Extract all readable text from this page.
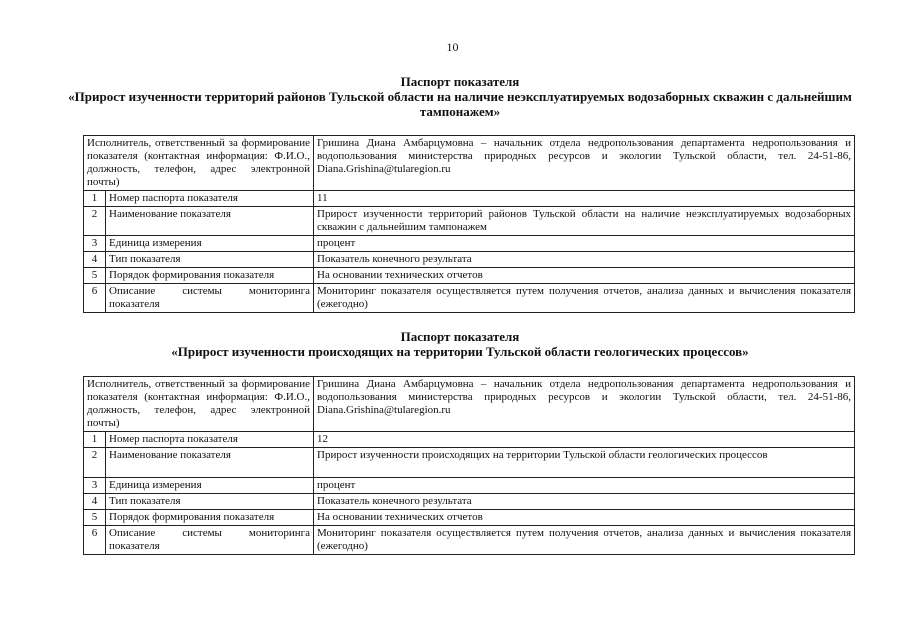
10
Паспорт показателя
«Прирост изученности территорий районов Тульской области на наличие неэксплуатируемых водозаборных скважин с дальнейшим тампонажем»
Исполнитель, ответственный за формирование показателя (контактная информация: Ф.И.О., должность, телефон, адрес электронной почты)		Гришина Диана Амбарцумовна – начальник отдела недропользования департамента недропользования и водопользования министерства природных ресурсов и экологии Тульской области, тел. 24-51-86, Diana.Grishina@tularegion.ru
1	Номер паспорта показателя	11
2	Наименование показателя	Прирост изученности территорий районов Тульской области на наличие неэксплуатируемых водозаборных скважин с дальнейшим тампонажем
3	Единица измерения	процент
4	Тип показателя	Показатель конечного результата
5	Порядок формирования показателя	На основании технических отчетов
6	Описание системы мониторинга показателя	Мониторинг показателя осуществляется путем получения отчетов, анализа данных и вычисления показателя (ежегодно)
Паспорт показателя
«Прирост изученности происходящих на территории Тульской области геологических процессов»
Исполнитель, ответственный за формирование показателя (контактная информация: Ф.И.О., должность, телефон, адрес электронной почты)		Гришина Диана Амбарцумовна – начальник отдела недропользования департамента недропользования и водопользования министерства природных ресурсов и экологии Тульской области, тел. 24-51-86, Diana.Grishina@tularegion.ru
1	Номер паспорта показателя	12
2	Наименование показателя	Прирост изученности происходящих на территории Тульской области геологических процессов
3	Единица измерения	процент
4	Тип показателя	Показатель конечного результата
5	Порядок формирования показателя	На основании технических отчетов
6	Описание системы мониторинга показателя	Мониторинг показателя осуществляется путем получения отчетов, анализа данных и вычисления показателя (ежегодно)
